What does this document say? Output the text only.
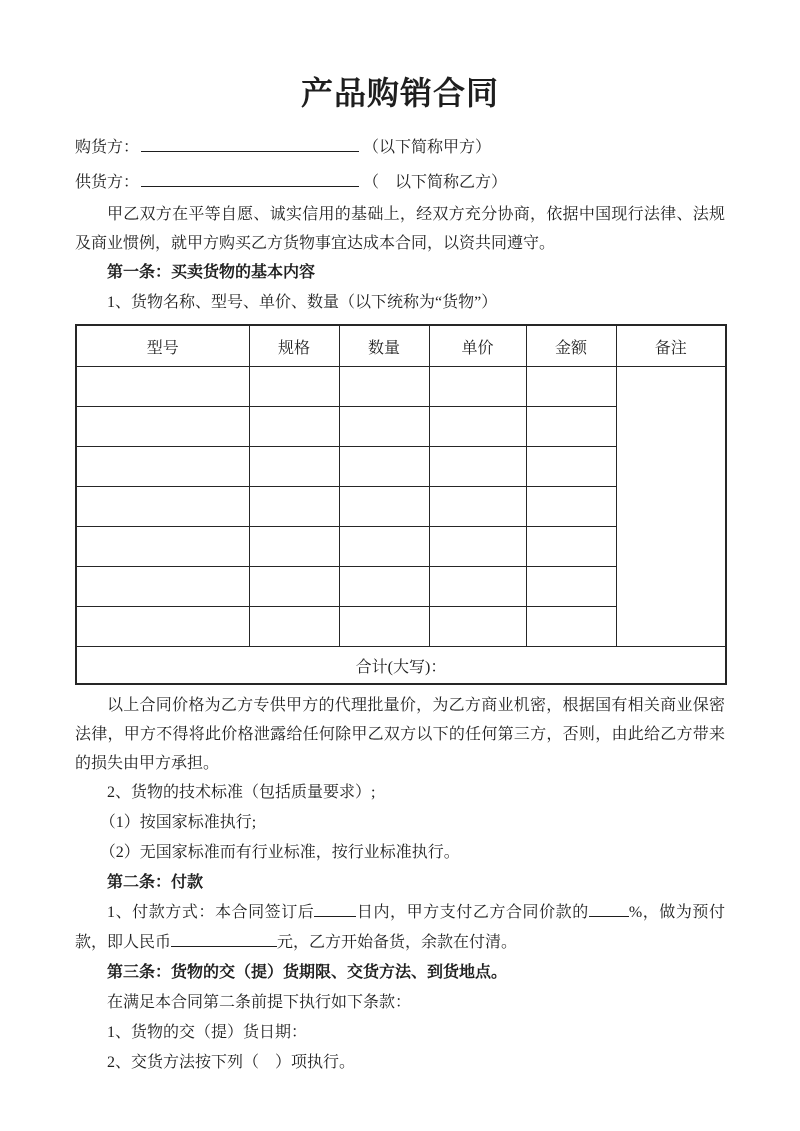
产品购销合同
购货方：	（以下简称甲方）
供货方：	（　以下简称乙方）

甲乙双方在平等自愿、诚实信用的基础上，经双方充分协商，依据中国现行法律、法规及商业惯例，就甲方购买乙方货物事宜达成本合同，以资共同遵守。

第一条：买卖货物的基本内容

1、货物名称、型号、单价、数量（以下统称为“货物”）

型号	规格	数量	单价	金额	备注

合计(大写)：					

以上合同价格为乙方专供甲方的代理批量价，为乙方商业机密，根据国有相关商业保密法律，甲方不得将此价格泄露给任何除甲乙双方以下的任何第三方，否则，由此给乙方带来的损失由甲方承担。

2、货物的技术标准（包括质量要求）;

（1）按国家标准执行;

（2）无国家标准而有行业标准，按行业标准执行。

第二条：付款

1、付款方式：本合同签订后	日内，甲方支付乙方合同价款的	%，做为预付款，即人民币	元，乙方开始备货，余款在付清。

第三条：货物的交（提）货期限、交货方法、到货地点。

在满足本合同第二条前提下执行如下条款：

1、货物的交（提）货日期：

2、交货方法按下列（　）项执行。
